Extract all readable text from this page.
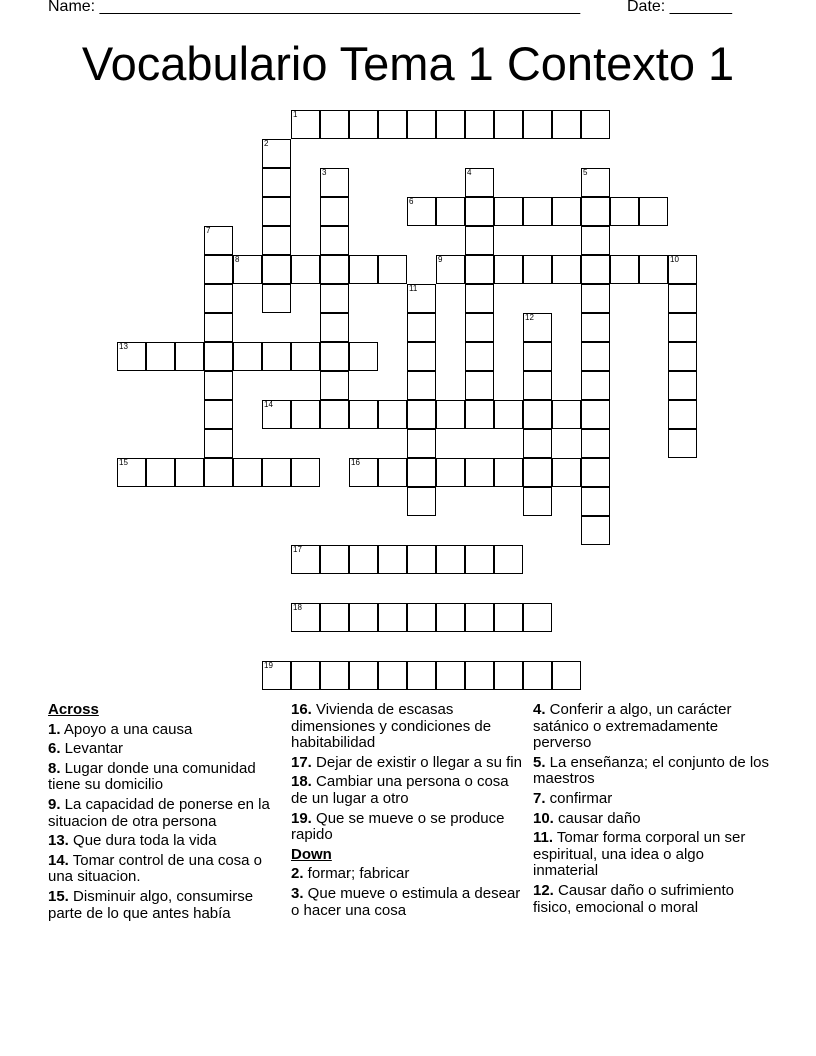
Name: ______________________________________________________	Date: _______
Vocabulario Tema 1 Contexto 1
1
2
3	4	5
6
7
8	9	10
11
12
13
14
15	16
17
18
19
Across
1. Apoyo a una causa
6. Levantar
8. Lugar donde una comunidad tiene su domicilio
9. La capacidad de ponerse en la situacion de otra persona
13. Que dura toda la vida
14. Tomar control de una cosa o una situacion.
15. Disminuir algo, consumirse parte de lo que antes había
16. Vivienda de escasas dimensiones y condiciones de habitabilidad
17. Dejar de existir o llegar a su fin
18. Cambiar una persona o cosa de un lugar a otro
19. Que se mueve o se produce rapido
Down
2. formar; fabricar
3. Que mueve o estimula a desear o hacer una cosa
4. Conferir a algo, un carácter satánico o extremadamente perverso
5. La enseñanza; el conjunto de los maestros
7. confirmar
10. causar daño
11. Tomar forma corporal un ser espiritual, una idea o algo inmaterial
12. Causar daño o sufrimiento fisico, emocional o moral
